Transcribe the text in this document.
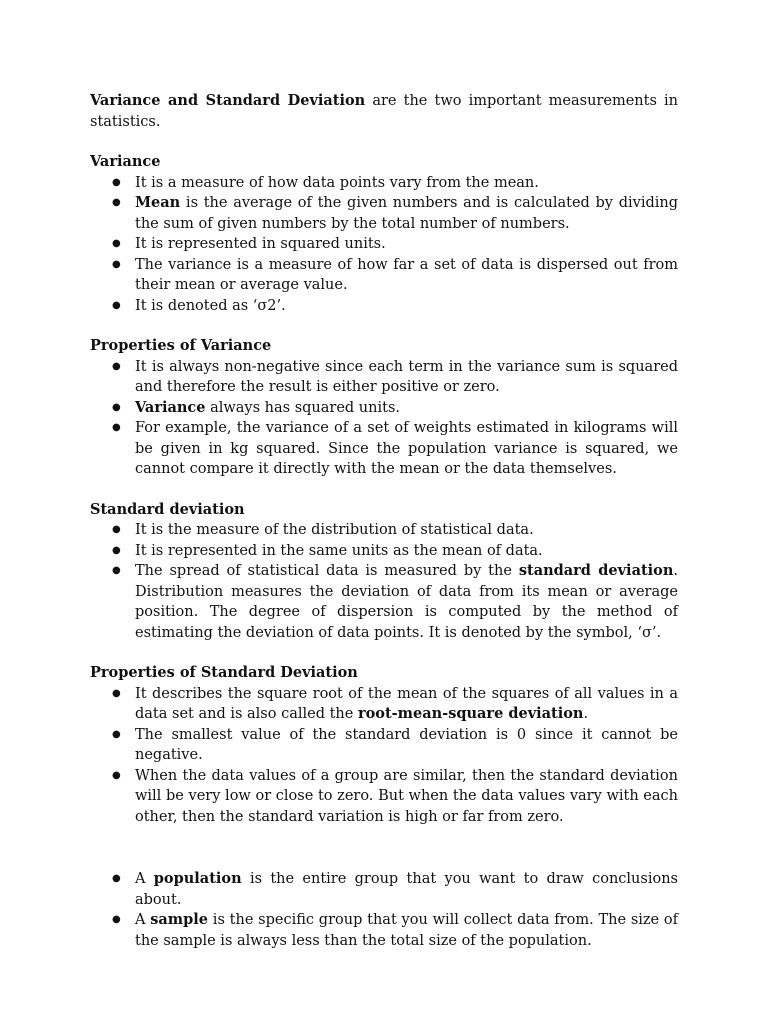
Variance and Standard Deviation are the two important measurements in statistics.

Variance
● It is a measure of how data points vary from the mean.
● Mean is the average of the given numbers and is calculated by dividing the sum of given numbers by the total number of numbers.
● It is represented in squared units.
● The variance is a measure of how far a set of data is dispersed out from their mean or average value.
● It is denoted as ‘σ2’.
Properties of Variance
● It is always non-negative since each term in the variance sum is squared and therefore the result is either positive or zero.
● Variance always has squared units.
● For example, the variance of a set of weights estimated in kilograms will be given in kg squared. Since the population variance is squared, we cannot compare it directly with the mean or the data themselves.
Standard deviation
● It is the measure of the distribution of statistical data.
● It is represented in the same units as the mean of data.
● The spread of statistical data is measured by the standard deviation. Distribution measures the deviation of data from its mean or average position. The degree of dispersion is computed by the method of estimating the deviation of data points. It is denoted by the symbol, ‘σ’.
Properties of Standard Deviation
● It describes the square root of the mean of the squares of all values in a data set and is also called the root-mean-square deviation.
● The smallest value of the standard deviation is 0 since it cannot be negative.
● When the data values of a group are similar, then the standard deviation will be very low or close to zero. But when the data values vary with each other, then the standard variation is high or far from zero.
● A population is the entire group that you want to draw conclusions about.
● A sample is the specific group that you will collect data from. The size of the sample is always less than the total size of the population.
